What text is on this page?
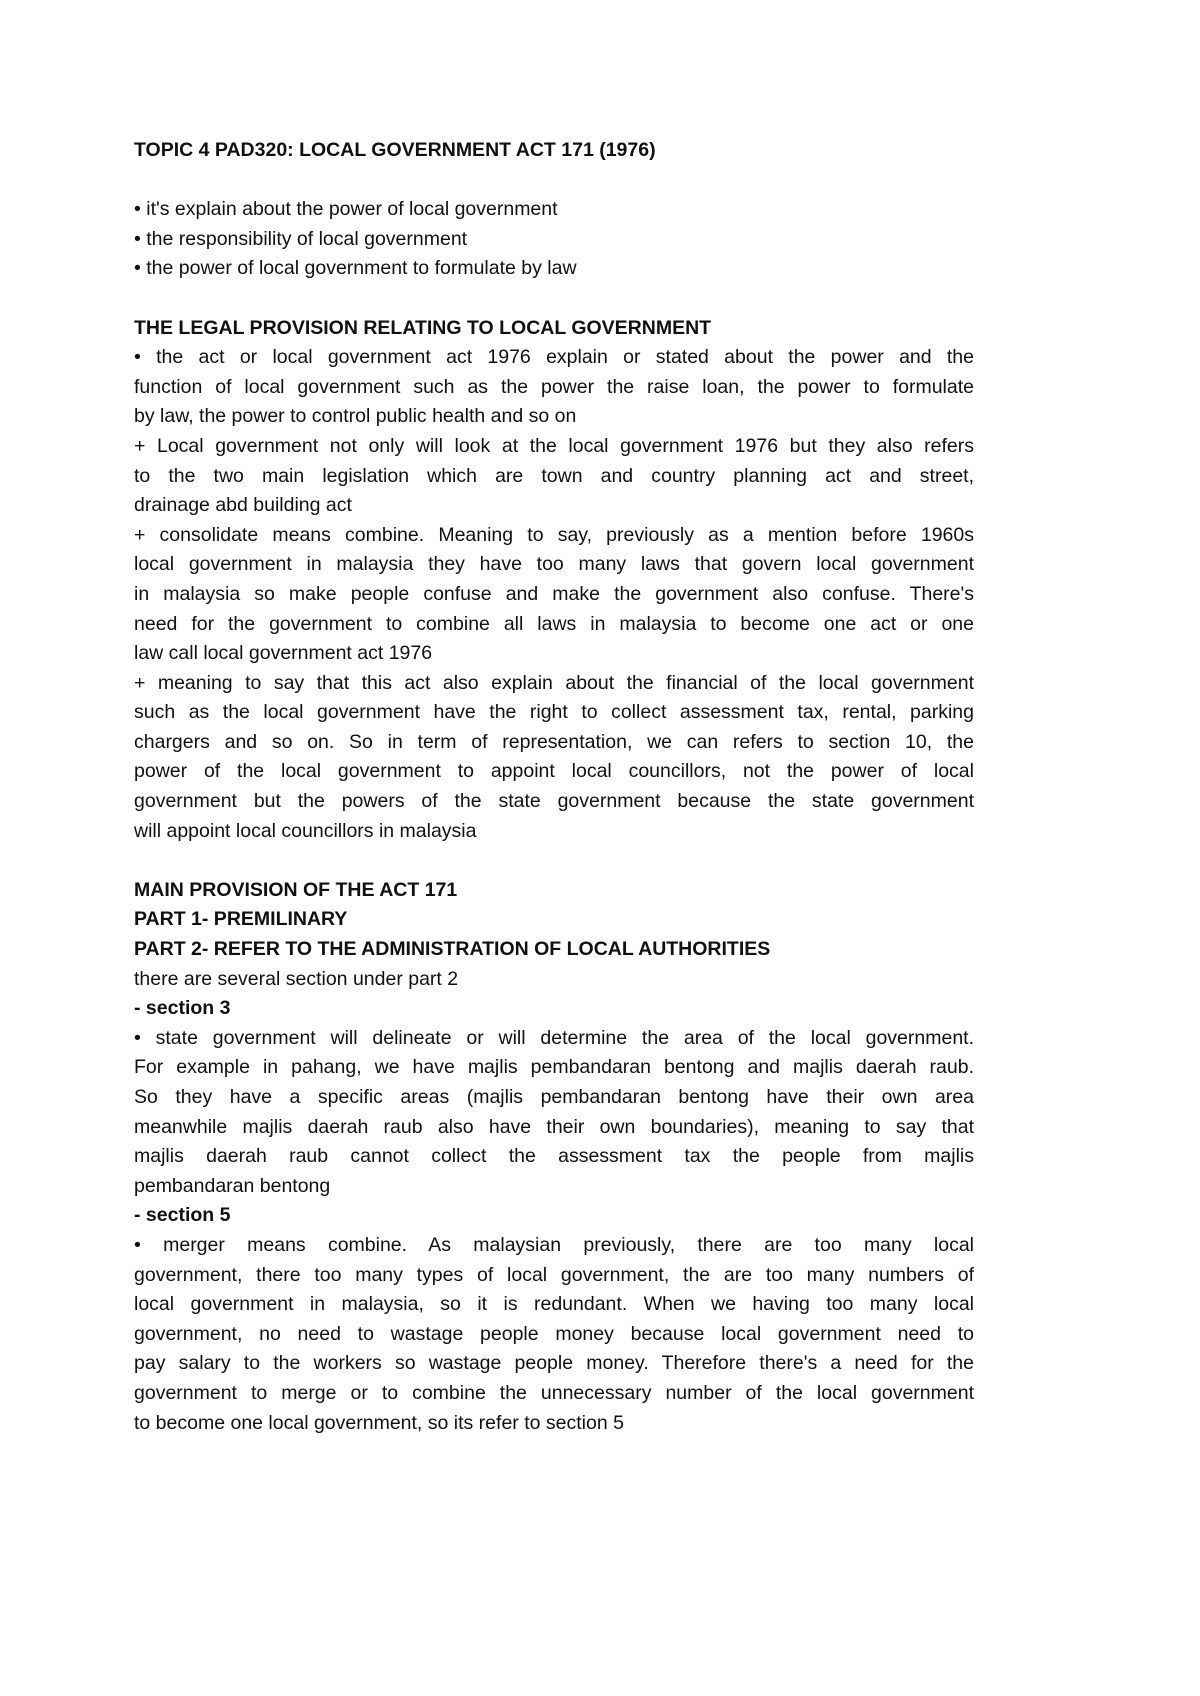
TOPIC 4 PAD320: LOCAL GOVERNMENT ACT 171 (1976)
• it's explain about the power of local government
• the responsibility of local government
• the power of local government to formulate by law
THE LEGAL PROVISION RELATING TO LOCAL GOVERNMENT
• the act or local government act 1976 explain or stated about the power and the
function of local government such as the power the raise loan, the power to formulate
by law, the power to control public health and so on
+ Local government not only will look at the local government 1976 but they also refers
to the two main legislation which are town and country planning act and street,
drainage abd building act
+ consolidate means combine. Meaning to say, previously as a mention before 1960s
local government in malaysia they have too many laws that govern local government
in malaysia so make people confuse and make the government also confuse. There's
need for the government to combine all laws in malaysia to become one act or one
law call local government act 1976
+ meaning to say that this act also explain about the financial of the local government
such as the local government have the right to collect assessment tax, rental, parking
chargers and so on. So in term of representation, we can refers to section 10, the
power of the local government to appoint local councillors, not the power of local
government but the powers of the state government because the state government
will appoint local councillors in malaysia
MAIN PROVISION OF THE ACT 171
PART 1- PREMILINARY
PART 2- REFER TO THE ADMINISTRATION OF LOCAL AUTHORITIES
there are several section under part 2
- section 3
• state government will delineate or will determine the area of the local government.
For example in pahang, we have majlis pembandaran bentong and majlis daerah raub.
So they have a specific areas (majlis pembandaran bentong have their own area
meanwhile majlis daerah raub also have their own boundaries), meaning to say that
majlis daerah raub cannot collect the assessment tax the people from majlis
pembandaran bentong
- section 5
• merger means combine. As malaysian previously, there are too many local
government, there too many types of local government, the are too many numbers of
local government in malaysia, so it is redundant. When we having too many local
government, no need to wastage people money because local government need to
pay salary to the workers so wastage people money. Therefore there's a need for the
government to merge or to combine the unnecessary number of the local government
to become one local government, so its refer to section 5
